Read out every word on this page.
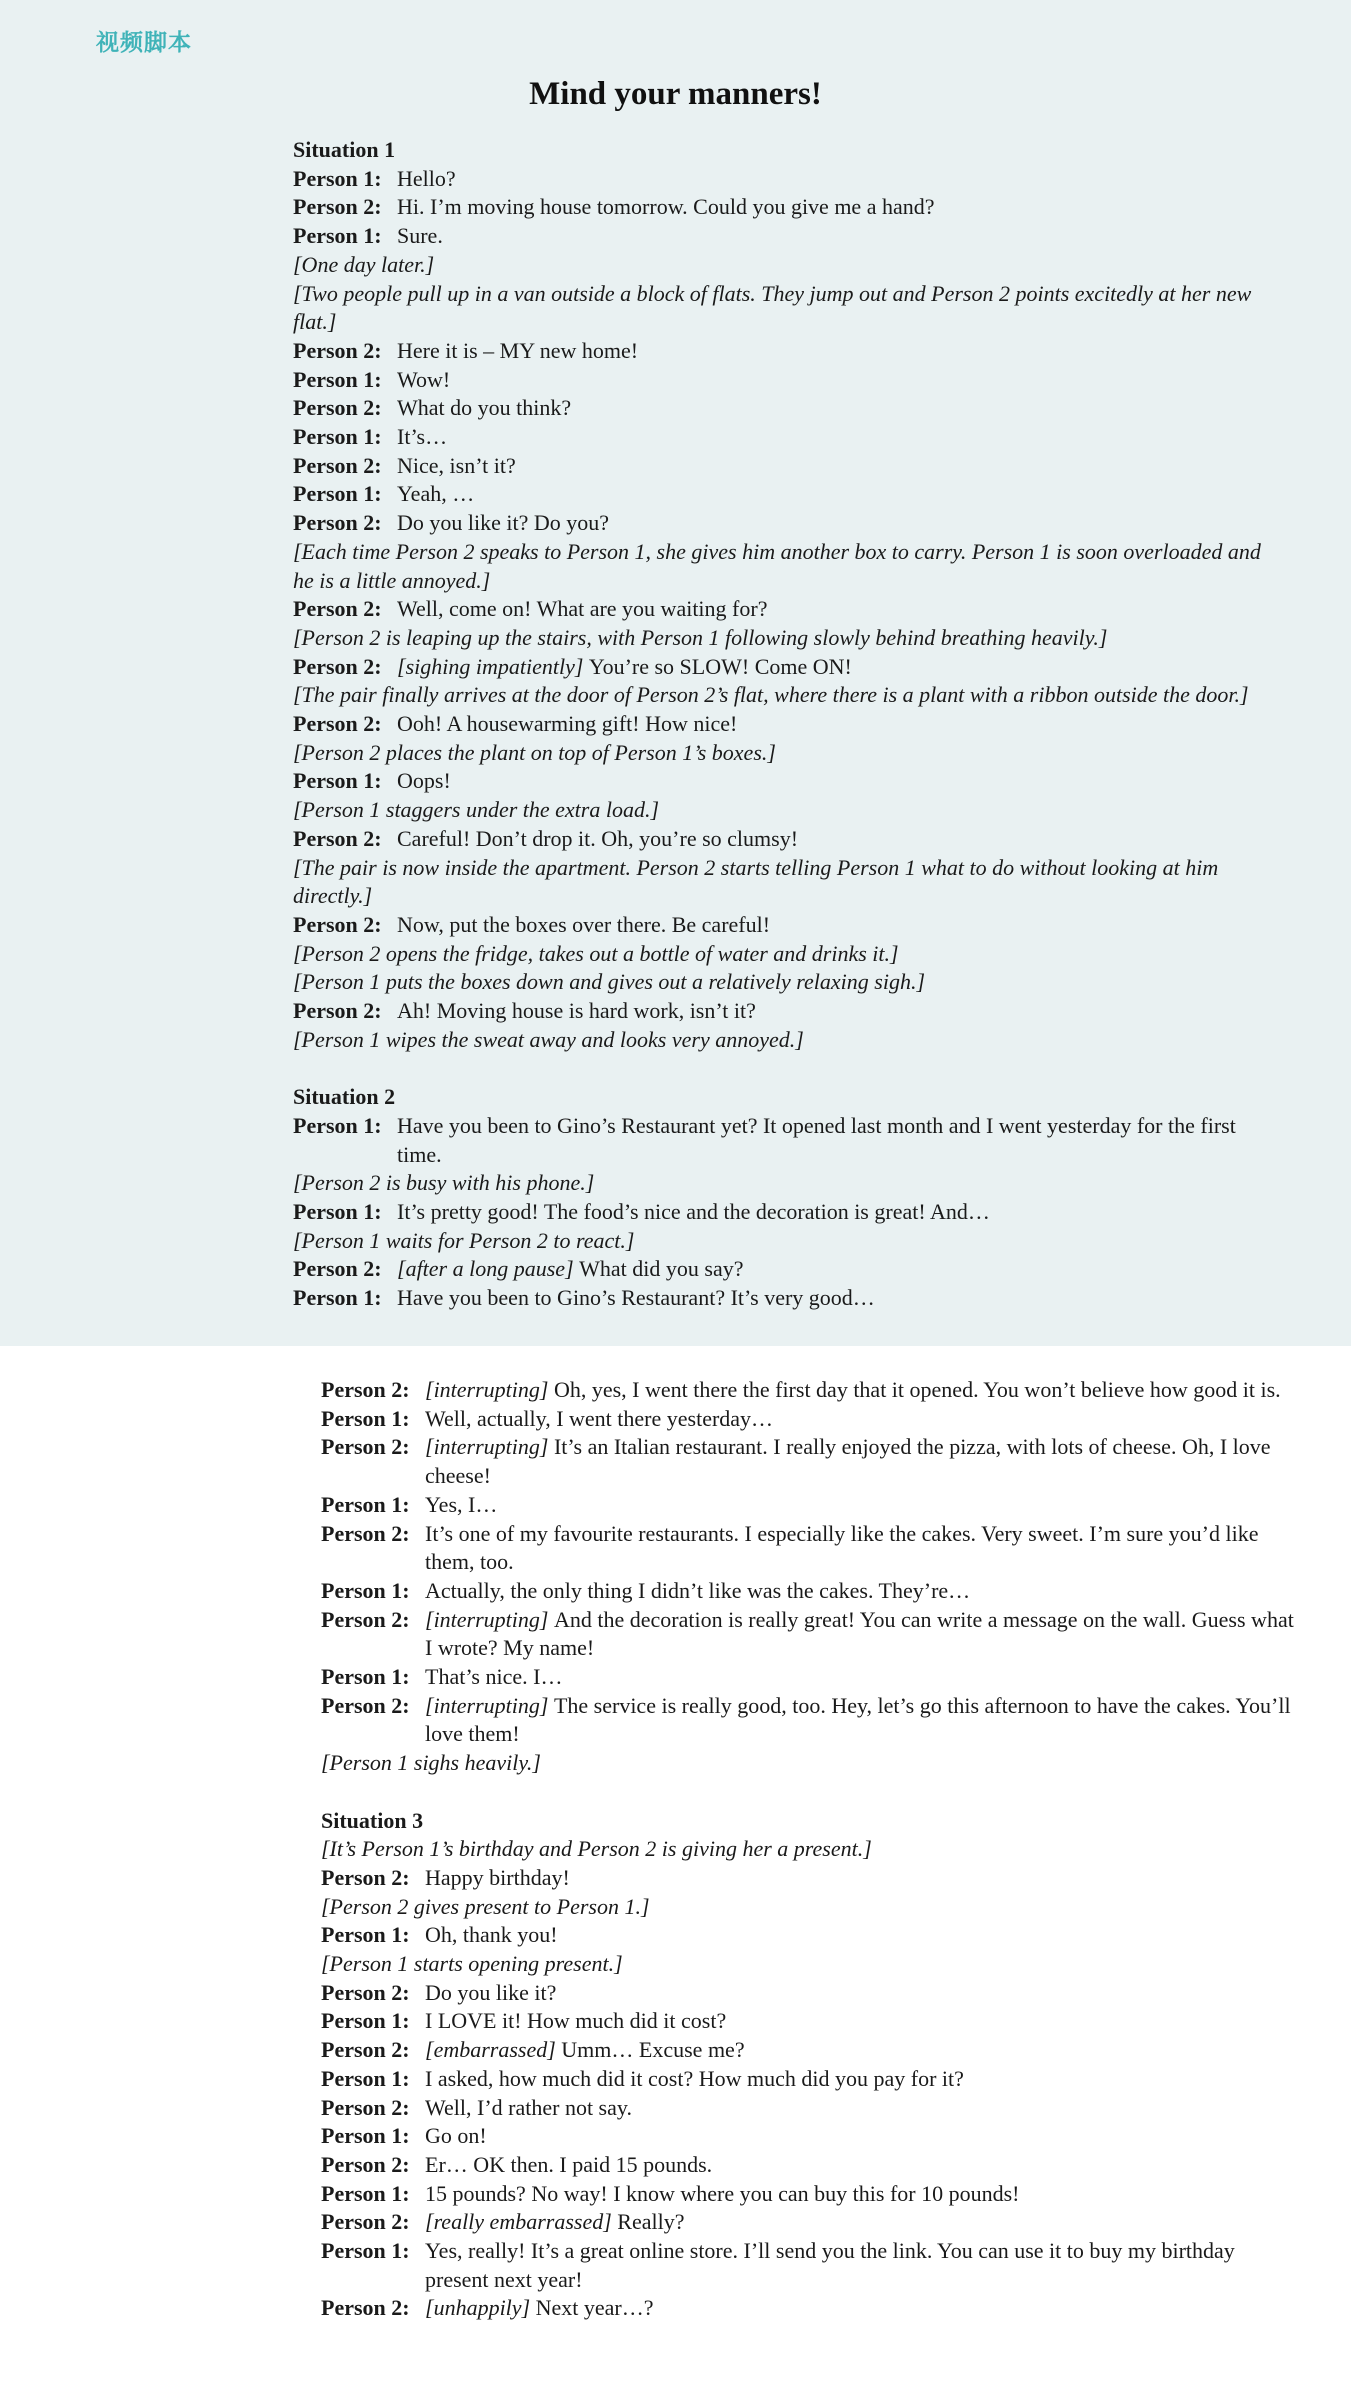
视频脚本
Mind your manners!
Situation 1
Person 1 :	Hello?
Person 2 :	Hi. I’m moving house tomorrow. Could you give me a hand?
Person 1 :	Sure.
[One day later.]
[Two people pull up in a van outside a block of flats. They jump out and Person 2 points excitedly at her new flat.]
Person 2 :	Here it is – MY new home!
Person 1 :	Wow!
Person 2 :	What do you think?
Person 1 :	It’s…
Person 2 :	Nice, isn’t it?
Person 1 :	Yeah, …
Person 2 :	Do you like it? Do you?
[Each time Person 2 speaks to Person 1, she gives him another box to carry. Person 1 is soon overloaded and he is a little annoyed.]
Person 2 :	Well, come on! What are you waiting for?
[Person 2 is leaping up the stairs, with Person 1 following slowly behind breathing heavily.]
Person 2 :	[ sighing impatiently ] You’re so SLOW! Come ON!
[The pair finally arrives at the door of Person 2’s flat, where there is a plant with a ribbon outside the door.]
Person 2 :	Ooh! A housewarming gift! How nice!
[Person 2 places the plant on top of Person 1’s boxes.]
Person 1 :	Oops!
[Person 1 staggers under the extra load.]
Person 2 :	Careful! Don’t drop it. Oh, you’re so clumsy!
[The pair is now inside the apartment. Person 2 starts telling Person 1 what to do without looking at him directly.]
Person 2 :	Now, put the boxes over there. Be careful!
[Person 2 opens the fridge, takes out a bottle of water and drinks it.]
[Person 1 puts the boxes down and gives out a relatively relaxing sigh.]
Person 2 :	Ah! Moving house is hard work, isn’t it?
[Person 1 wipes the sweat away and looks very annoyed.]
Situation 2
Person 1 :	Have you been to Gino’s Restaurant yet? It opened last month and I went yesterday for the first time.
[Person 2 is busy with his phone.]
Person 1 :	It’s pretty good! The food’s nice and the decoration is great! And…
[Person 1 waits for Person 2 to react.]
Person 2 :	[ after a long pause ] What did you say?
Person 1 :	Have you been to Gino’s Restaurant? It’s very good…
Person 2 :	[ interrupting ] Oh, yes, I went there the first day that it opened. You won’t believe how good it is.
Person 1 :	Well, actually, I went there yesterday…
Person 2 :	[ interrupting ] It’s an Italian restaurant. I really enjoyed the pizza, with lots of cheese. Oh, I love cheese!
Person 1 :	Yes, I…
Person 2 :	It’s one of my favourite restaurants. I especially like the cakes. Very sweet. I’m sure you’d like them, too.
Person 1 :	Actually, the only thing I didn’t like was the cakes. They’re…
Person 2 :	[ interrupting ] And the decoration is really great! You can write a message on the wall. Guess what I wrote? My name!
Person 1 :	That’s nice. I…
Person 2 :	[ interrupting ] The service is really good, too. Hey, let’s go this afternoon to have the cakes. You’ll love them!
[Person 1 sighs heavily.]
Situation 3
[It’s Person 1’s birthday and Person 2 is giving her a present.]
Person 2 :	Happy birthday!
[Person 2 gives present to Person 1.]
Person 1 :	Oh, thank you!
[Person 1 starts opening present.]
Person 2 :	Do you like it?
Person 1 :	I LOVE it! How much did it cost?
Person 2 :	[ embarrassed ] Umm… Excuse me?
Person 1 :	I asked, how much did it cost? How much did you pay for it?
Person 2 :	Well, I’d rather not say.
Person 1 :	Go on!
Person 2 :	Er… OK then. I paid 15 pounds.
Person 1 :	15 pounds? No way! I know where you can buy this for 10 pounds!
Person 2 :	[ really embarrassed ] Really?
Person 1 :	Yes, really! It’s a great online store. I’ll send you the link. You can use it to buy my birthday present next year!
Person 2 :	[ unhappily ] Next year…?
